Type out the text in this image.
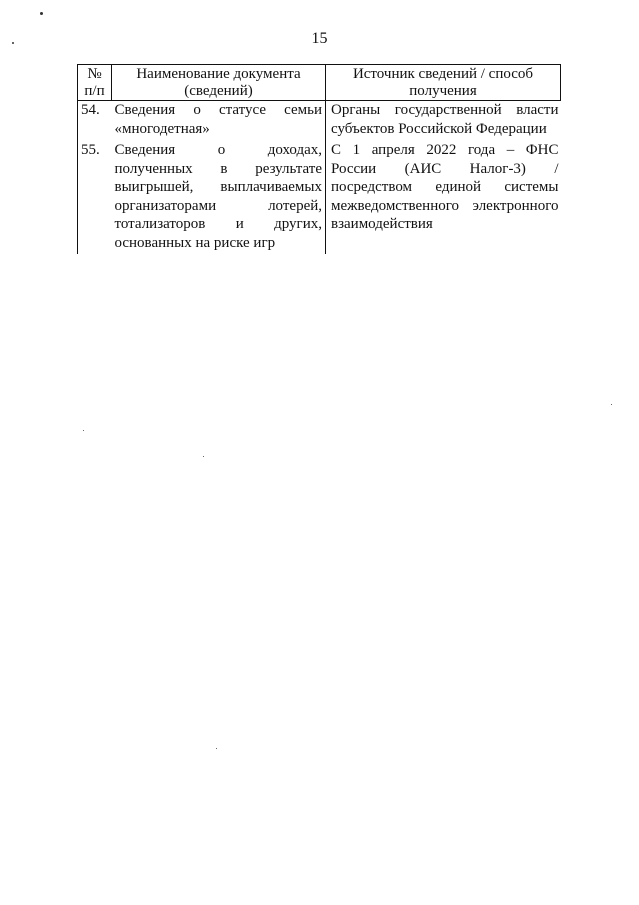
15
№ п/п	Наименование документа (сведений)	Источник сведений / способ получения
54.	Сведения о статусе семьи «многодетная»	Органы государственной власти субъектов Российской Федерации
55.	Сведения о доходах, полученных в результате выигрышей, выплачиваемых организаторами лотерей, тотализаторов и других, основанных на риске игр	С 1 апреля 2022 года – ФНС России (АИС Налог-3) / посредством единой системы межведомственного электронного взаимодействия
